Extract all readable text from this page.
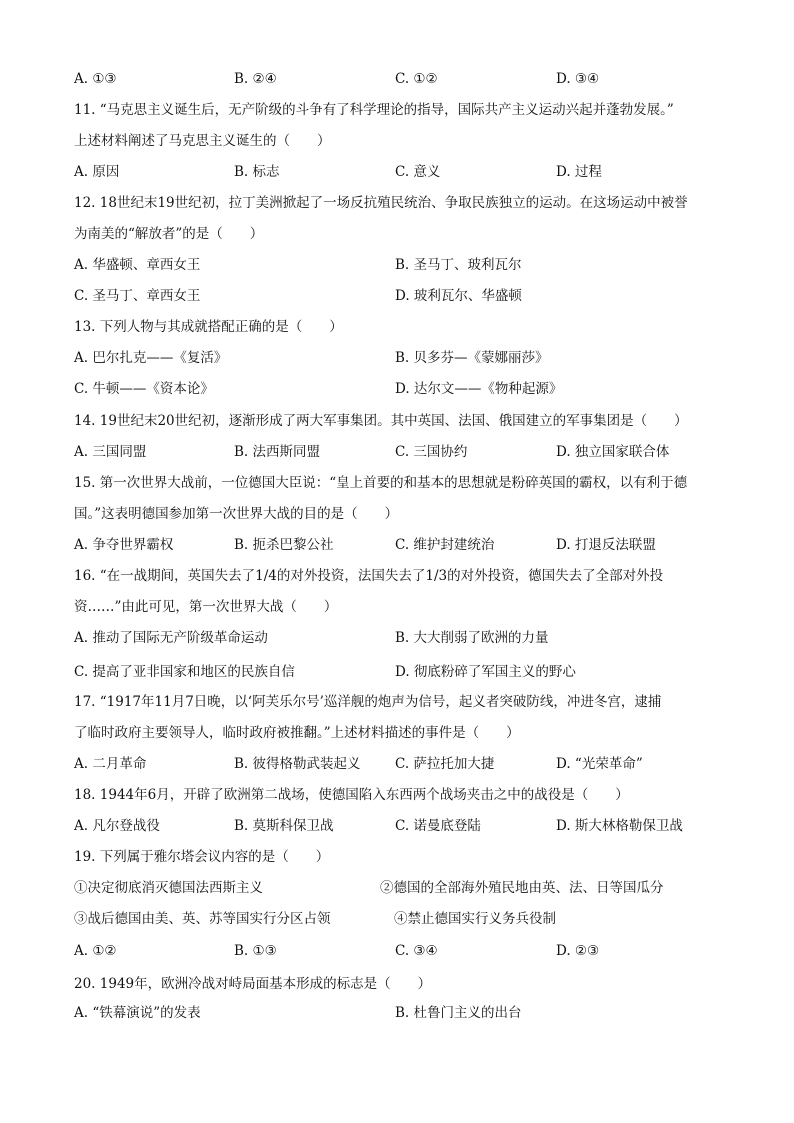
A. ①③	B. ②④	C. ①②	D. ③④
11. “马克思主义诞生后，无产阶级的斗争有了科学理论的指导，国际共产主义运动兴起并蓬勃发展。”
上述材料阐述了马克思主义诞生的（　　）
A. 原因	B. 标志	C. 意义	D. 过程
12. 18世纪末19世纪初，拉丁美洲掀起了一场反抗殖民统治、争取民族独立的运动。在这场运动中被誉
为南美的“解放者”的是（　　）
A. 华盛顿、章西女王	B. 圣马丁、玻利瓦尔
C. 圣马丁、章西女王	D. 玻利瓦尔、华盛顿
13. 下列人物与其成就搭配正确的是（　　）
A. 巴尔扎克——《复活》	B. 贝多芬—《蒙娜丽莎》
C. 牛顿——《资本论》	D. 达尔文——《物种起源》
14. 19世纪末20世纪初，逐渐形成了两大军事集团。其中英国、法国、俄国建立的军事集团是（　　）
A. 三国同盟	B. 法西斯同盟	C. 三国协约	D. 独立国家联合体
15. 第一次世界大战前，一位德国大臣说：“皇上首要的和基本的思想就是粉碎英国的霸权，以有利于德
国。”这表明德国参加第一次世界大战的目的是（　　）
A. 争夺世界霸权	B. 扼杀巴黎公社	C. 维护封建统治	D. 打退反法联盟
16. “在一战期间，英国失去了1/4的对外投资，法国失去了1/3的对外投资，德国失去了全部对外投
资……”由此可见，第一次世界大战（　　）
A. 推动了国际无产阶级革命运动	B. 大大削弱了欧洲的力量
C. 提高了亚非国家和地区的民族自信	D. 彻底粉碎了军国主义的野心
17. “1917年11月7日晚，以‘阿芙乐尔号’巡洋舰的炮声为信号，起义者突破防线，冲进冬宫，逮捕
了临时政府主要领导人，临时政府被推翻。”上述材料描述的事件是（　　）
A. 二月革命	B. 彼得格勒武装起义	C. 萨拉托加大捷	D. “光荣革命”
18. 1944年6月，开辟了欧洲第二战场，使德国陷入东西两个战场夹击之中的战役是（　　）
A. 凡尔登战役	B. 莫斯科保卫战	C. 诺曼底登陆	D. 斯大林格勒保卫战
19. 下列属于雅尔塔会议内容的是（　　）
①决定彻底消灭德国法西斯主义	②德国的全部海外殖民地由英、法、日等国瓜分
③战后德国由美、英、苏等国实行分区占领	④禁止德国实行义务兵役制
A. ①②	B. ①③	C. ③④	D. ②③
20. 1949年，欧洲冷战对峙局面基本形成的标志是（　　）
A. “铁幕演说”的发表	B. 杜鲁门主义的出台
